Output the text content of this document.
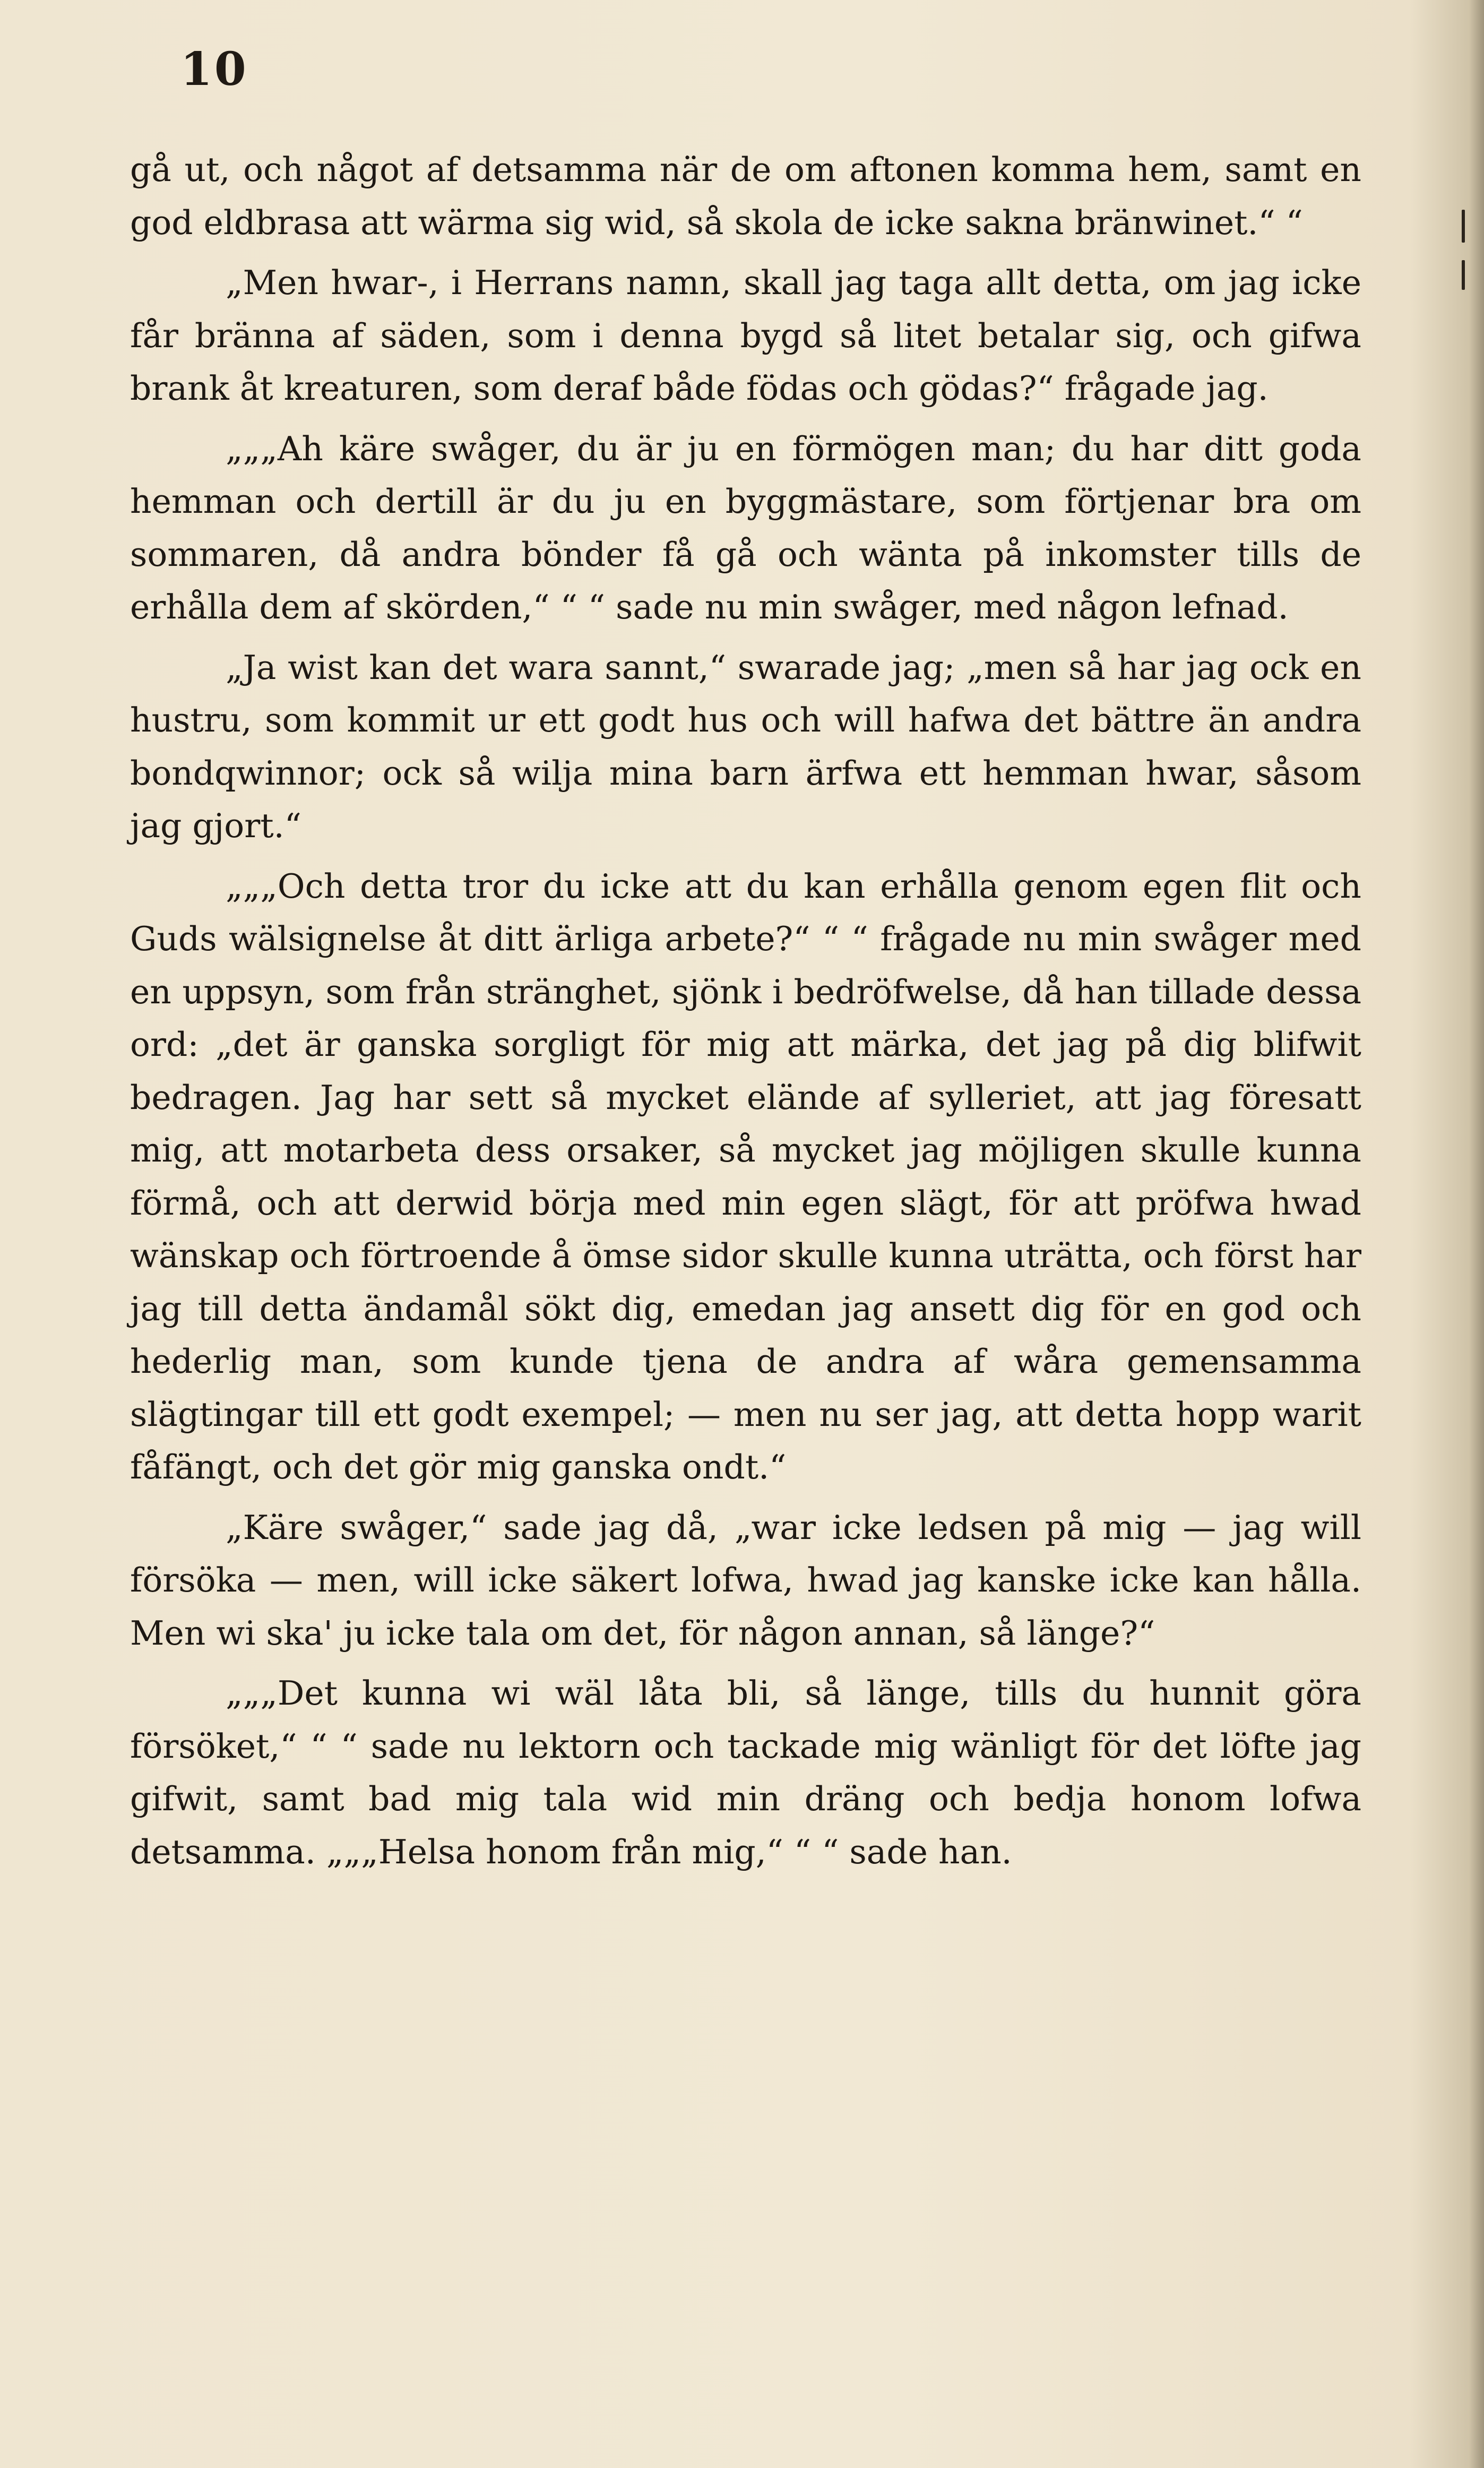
10

gå ut, och något af detsamma när de om aftonen komma hem, samt en god eldbrasa att wärma sig wid, så skola de icke sakna bränwinet.“ “

„Men hwar-, i Herrans namn, skall jag taga allt detta, om jag icke får bränna af säden, som i denna bygd så litet betalar sig, och gifwa brank åt kreaturen, som deraf både födas och gödas?“ frågade jag.

„„„Ah käre swåger, du är ju en förmögen man; du har ditt goda hemman och dertill är du ju en byggmästare, som förtjenar bra om sommaren, då andra bönder få gå och wänta på inkomster tills de erhålla dem af skörden,“ “ “ sade nu min swåger, med någon lefnad.

„Ja wist kan det wara sannt,“ swarade jag; „men så har jag ock en hustru, som kommit ur ett godt hus och will hafwa det bättre än andra bondqwinnor; ock så wilja mina barn ärfwa ett hemman hwar, såsom jag gjort.“

„„„Och detta tror du icke att du kan erhålla genom egen flit och Guds wälsignelse åt ditt ärliga arbete?“ “ “ frågade nu min swåger med en uppsyn, som från stränghet, sjönk i bedröfwelse, då han tillade dessa ord: „det är ganska sorgligt för mig att märka, det jag på dig blifwit bedragen. Jag har sett så mycket elände af sylleriet, att jag föresatt mig, att motarbeta dess orsaker, så mycket jag möjligen skulle kunna förmå, och att derwid börja med min egen slägt, för att pröfwa hwad wänskap och förtroende å ömse sidor skulle kunna uträtta, och först har jag till detta ändamål sökt dig, emedan jag ansett dig för en god och hederlig man, som kunde tjena de andra af wåra gemensamma slägtingar till ett godt exempel; — men nu ser jag, att detta hopp warit fåfängt, och det gör mig ganska ondt.“

„Käre swåger,“ sade jag då, „war icke ledsen på mig — jag will försöka — men, will icke säkert lofwa, hwad jag kanske icke kan hålla. Men wi ska' ju icke tala om det, för någon annan, så länge?“

„„„Det kunna wi wäl låta bli, så länge, tills du hunnit göra försöket,“ “ “ sade nu lektorn och tackade mig wänligt för det löfte jag gifwit, samt bad mig tala wid min dräng och bedja honom lofwa detsamma. „„„Helsa honom från mig,“ “ “ sade han.
